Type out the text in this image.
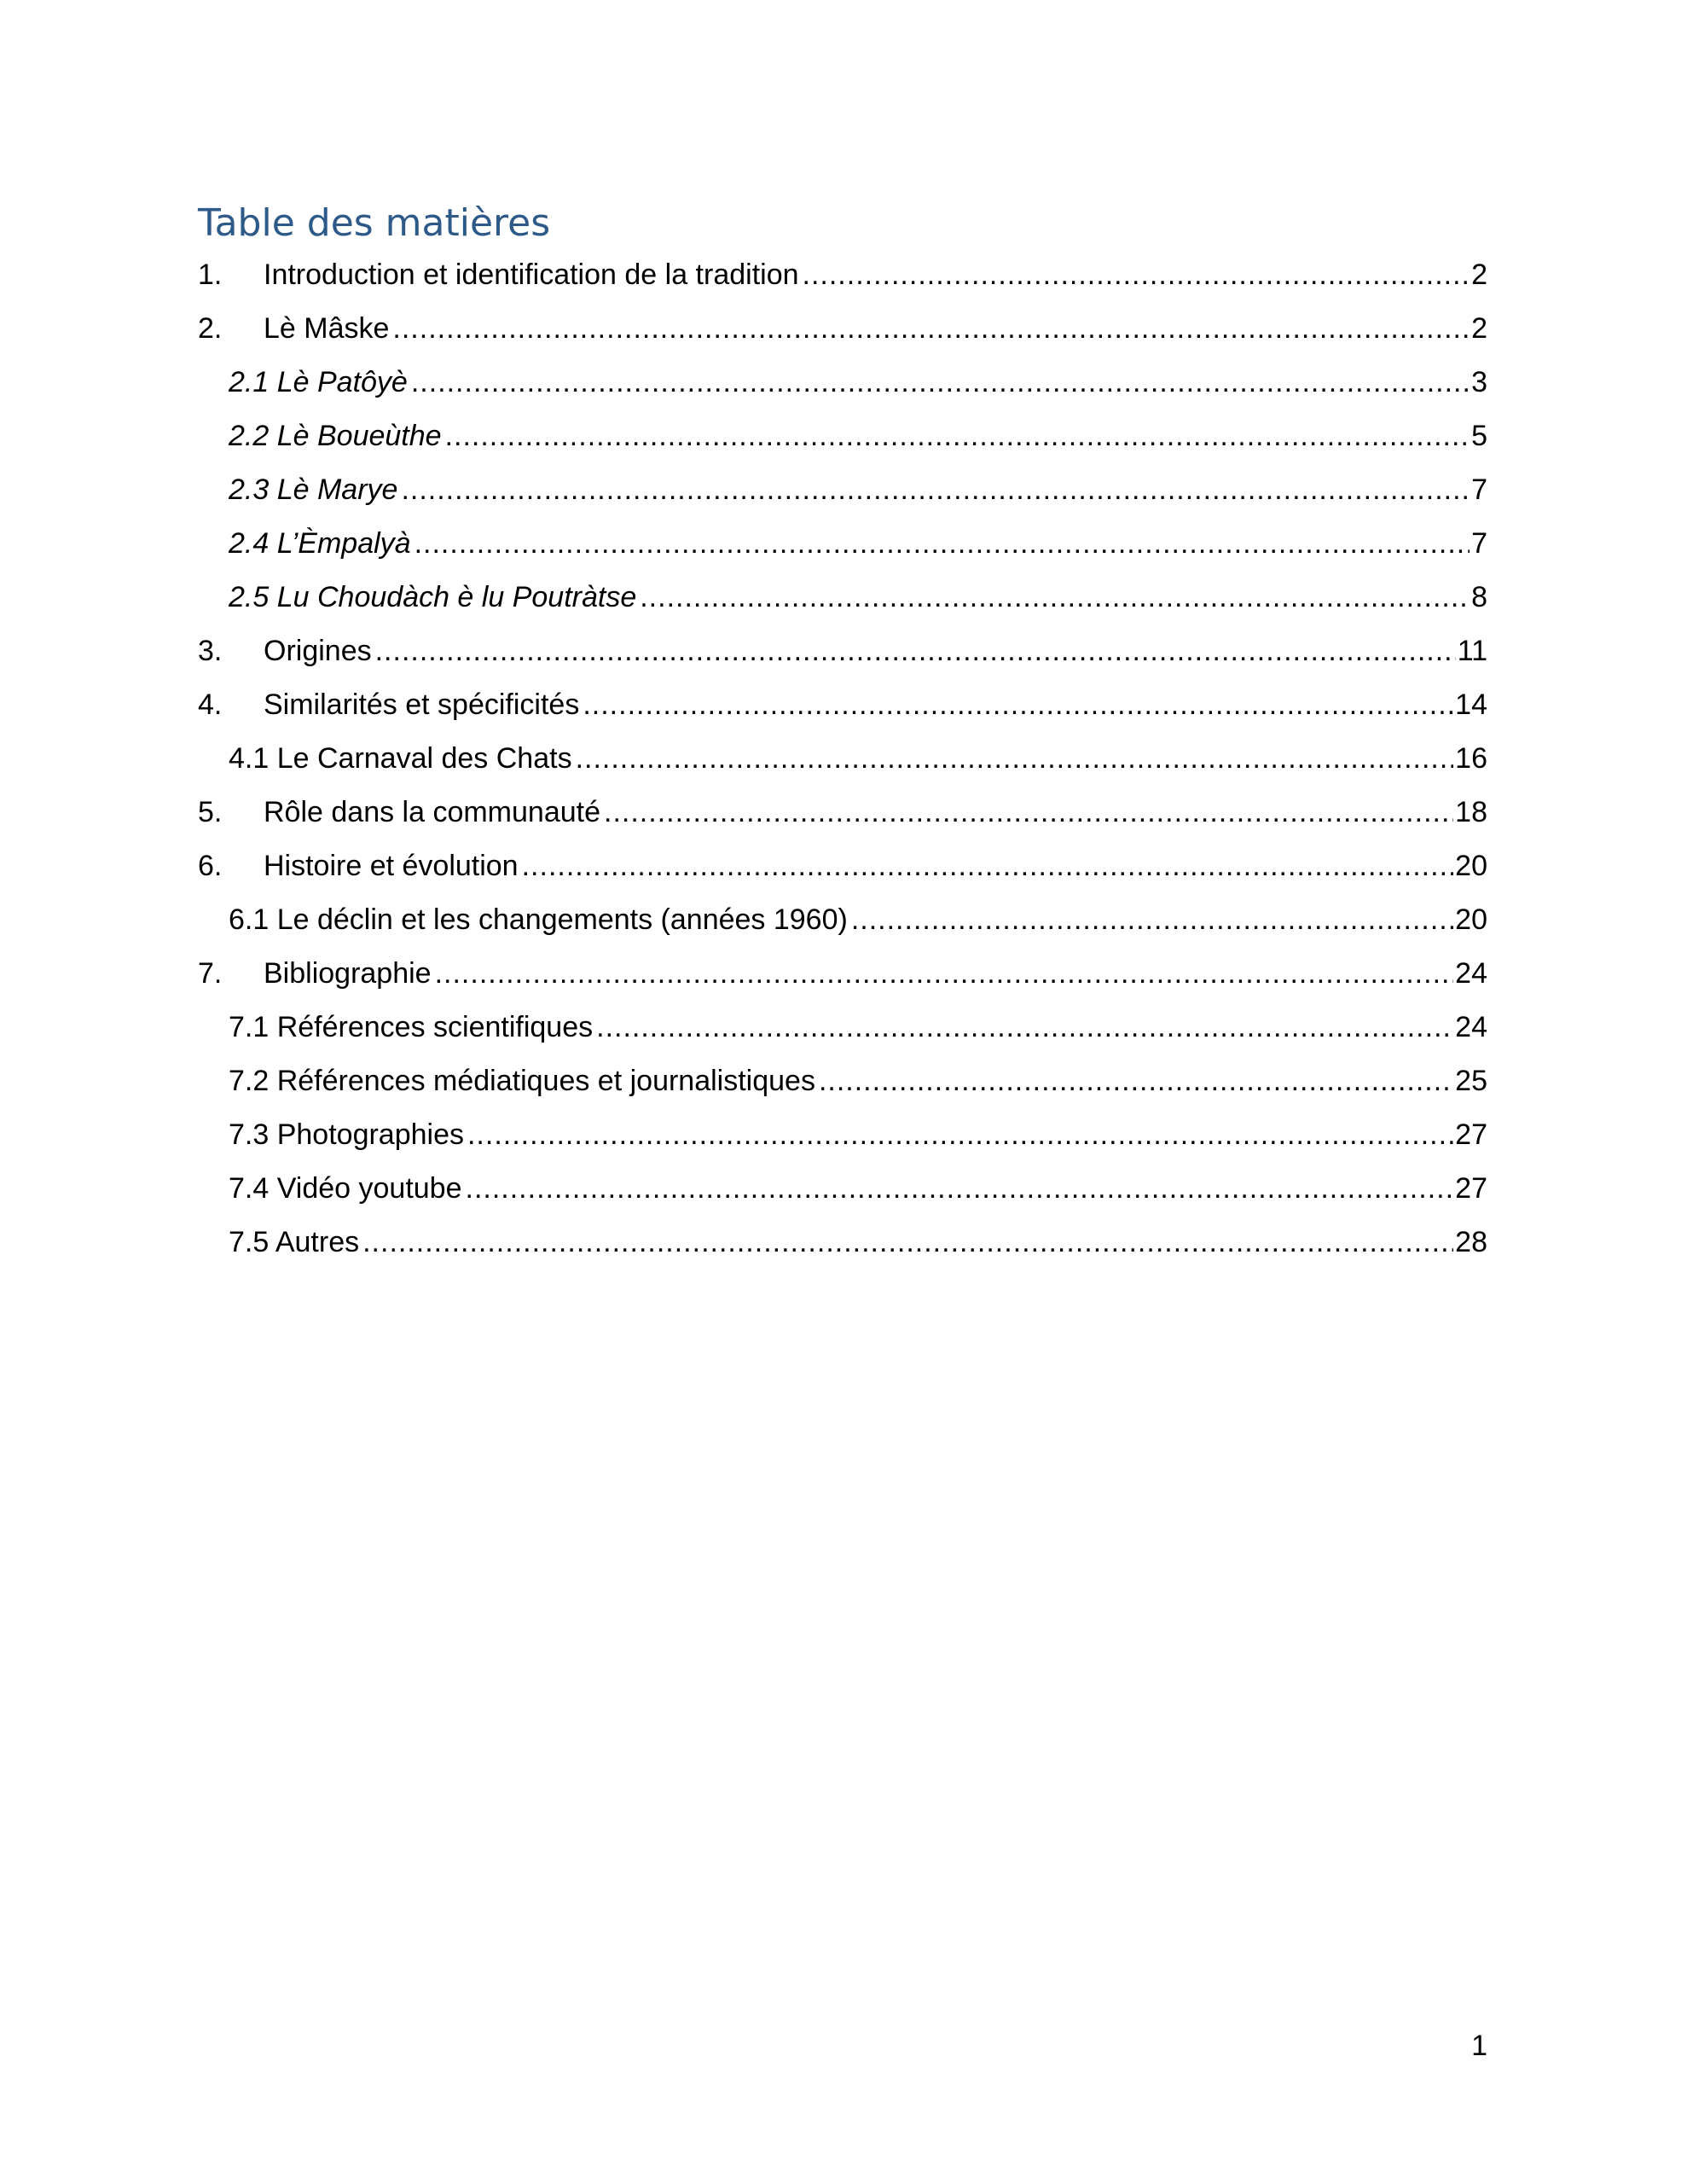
Table des matières
1.	Introduction et identification de la tradition .....	2
2.	Lè Mâske .....	2
2.1 Lè Patôyè .....	3
2.2 Lè Boueùthe .....	5
2.3 Lè Marye .....	7
2.4 L’Èmpalyà .....	7
2.5 Lu Choudàch è lu Poutràtse .....	8
3.	Origines .....	11
4.	Similarités et spécificités .....	14
4.1 Le Carnaval des Chats .....	16
5.	Rôle dans la communauté .....	18
6.	Histoire et évolution .....	20
6.1 Le déclin et les changements (années 1960) .....	20
7.	Bibliographie .....	24
7.1 Références scientifiques .....	24
7.2 Références médiatiques et journalistiques .....	25
7.3 Photographies .....	27
7.4 Vidéo youtube .....	27
7.5 Autres .....	28
1
